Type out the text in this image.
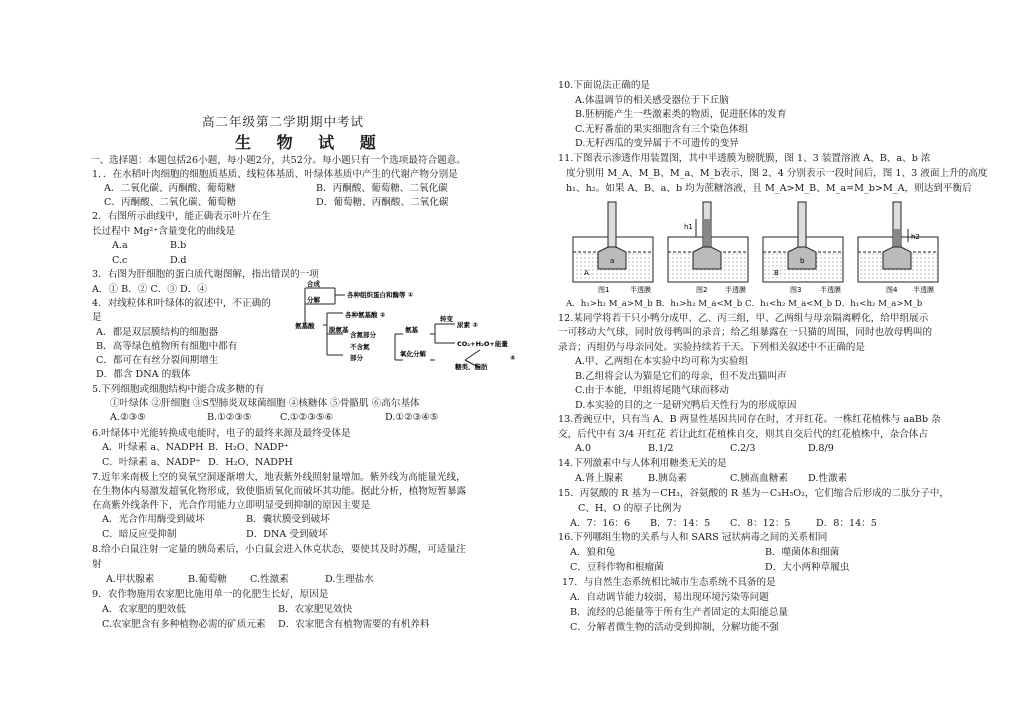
高二年级第二学期期中考试
生 物 试 题
一、选择题：本题包括26小题，每小题2分，共52分。每小题只有一个选项最符合题意。
1．．在水稻叶肉细胞的细胞质基质、线粒体基质、叶绿体基质中产生的代谢产物分别是
A．二氧化碳、丙酮酸、葡萄糖	B．丙酮酸、葡萄糖、二氧化碳
C．丙酮酸、二氧化碳、葡萄糖	D．葡萄糖、丙酮酸、二氧化碳
2．右图所示曲线中，能正确表示叶片在生
长过程中 Mg²⁺含量变化的曲线是
A.a	B.b
C.c	D.d
3．右图为肝细胞的蛋白质代谢图解，指出错误的一项
A．① B．② C．③ D．④
4．对线粒体和叶绿体的叙述中，不正确的
是
A．都是双层膜结构的细胞器
B．高等绿色植物所有细胞中都有
C．都可在有丝分裂间期增生
D．都含 DNA 的载体
氨基酸
合成
分解
各种组织蛋白和酶等 ①
各种氨基酸 ②
脱氨基
含氮部分
氨基
转变
尿素 ③
不含氮
部分	氧化分解
CO₂+H₂O+能量
糖类、脂肪
④
5.下列细胞或细胞结构中能合成多糖的有
①叶绿体 ②肝细胞 ③S型肺炎双球菌细胞 ④核糖体 ⑤骨骼肌 ⑥高尔基体
A.②③⑤	B.①②③⑤	C.①②③⑤⑥	D.①②③④⑤
6.叶绿体中光能转换成电能时，电子的最终来源及最终受体是
A．叶绿素 a、NADPH B．H₂O、NADP⁺
C．叶绿素 a、NADP⁺ D．H₂O、NADPH
7.近年来南极上空的臭氧空洞逐渐增大，地表紫外线照射量增加。紫外线为高能量光线，
在生物体内易激发超氧化物形成，致使脂质氧化而破坏其功能。据此分析，植物短暂暴露
在高紫外线条件下，光合作用能力立即明显受到抑制的原因主要是
A．光合作用酶受到破坏	B．囊状膜受到破坏
C．暗反应受抑制	D．DNA 受到破坏
8.给小白鼠注射一定量的胰岛素后，小白鼠会进入休克状态，要使其及时苏醒，可适量注
射
A.甲状腺素	B.葡萄糖 C.性激素	D.生理盐水
9．农作物施用农家肥比施用单一的化肥生长好，原因是
A．农家肥的肥效低	B．农家肥见效快
C.农家肥含有多种植物必需的矿质元素 D．农家肥含有植物需要的有机养料
10.下面说法正确的是
A.体温调节的相关感受器位于下丘脑
B.胚柄能产生一些激素类的物质，促进胚体的发育
C.无籽番茄的果实细胞含有三个染色体组
D.无籽西瓜的变异属于不可遗传的变异
11.下图表示渗透作用装置图，其中半透膜为膀胱膜，图 1、3 装置溶液 A、B、a、b 浓
度分别用 M_A、M_B、M_a、M_b表示，图 2、4 分别表示一段时间后，图 1、3 液面上升的高度
h₁、h₂。如果 A、B、a、b 均为蔗糖溶液，且 M_A>M_B、M_a=M_b>M_A，则达到平衡后
a
A
半透膜
图1
h1
半透膜
图2
b
B
半透膜
图3
h2
半透膜
图4
A．h₁>h₂ M_a>M_b B．h₁>h₂ M_a<M_b C．h₁<h₂ M_a<M_b D．h₁<h₂ M_a>M_b
12.某同学将若干只小鸭分成甲、乙、丙三组，甲、乙两组与母亲隔离孵化，给甲组展示
一可移动大气球，同时放母鸭叫的录音；给乙组暴露在一只猫的周围，同时也放母鸭叫的
录音；丙组仍与母亲同处。实验持续若干天。下列相关叙述中不正确的是
A.甲、乙两组在本实验中均可称为实验组
B.乙组将会认为猫是它们的母亲，但不发出猫叫声
C.由于本能，甲组将尾随气球而移动
D.本实验的目的之一是研究鸭后天性行为的形成原因
13.香豌豆中，只有当 A、B 两显性基因共同存在时，才开红花。一株红花植株与 aaBb 杂
交，后代中有 3/4 开红花 若让此红花植株自交，则其自交后代的红花植株中，杂合体占
A.0	B.1/2	C.2/3	D.8/9
14.下列激素中与人体利用糖类无关的是
A.肾上腺素	B.胰岛素	C.胰高血糖素 D.性激素
15．丙氨酸的 R 基为－CH₃，谷氨酸的 R 基为－C₃H₅O₂，它们缩合后形成的二肽分子中，
C、H、O 的原子比例为
A．7：16：6 B．7：14：5 C．8：12：5	D．8：14：5
16.下列哪组生物的关系与人和 SARS 冠状病毒之间的关系相同
A．狼和兔	B．噬菌体和细菌
C．豆科作物和根瘤菌	D．大小两种草履虫
17．与自然生态系统相比城市生态系统不具备的是
A．自动调节能力较弱，易出现环境污染等问题
B．流经的总能量等于所有生产者固定的太阳能总量
C．分解者微生物的活动受到抑制，分解功能不强
